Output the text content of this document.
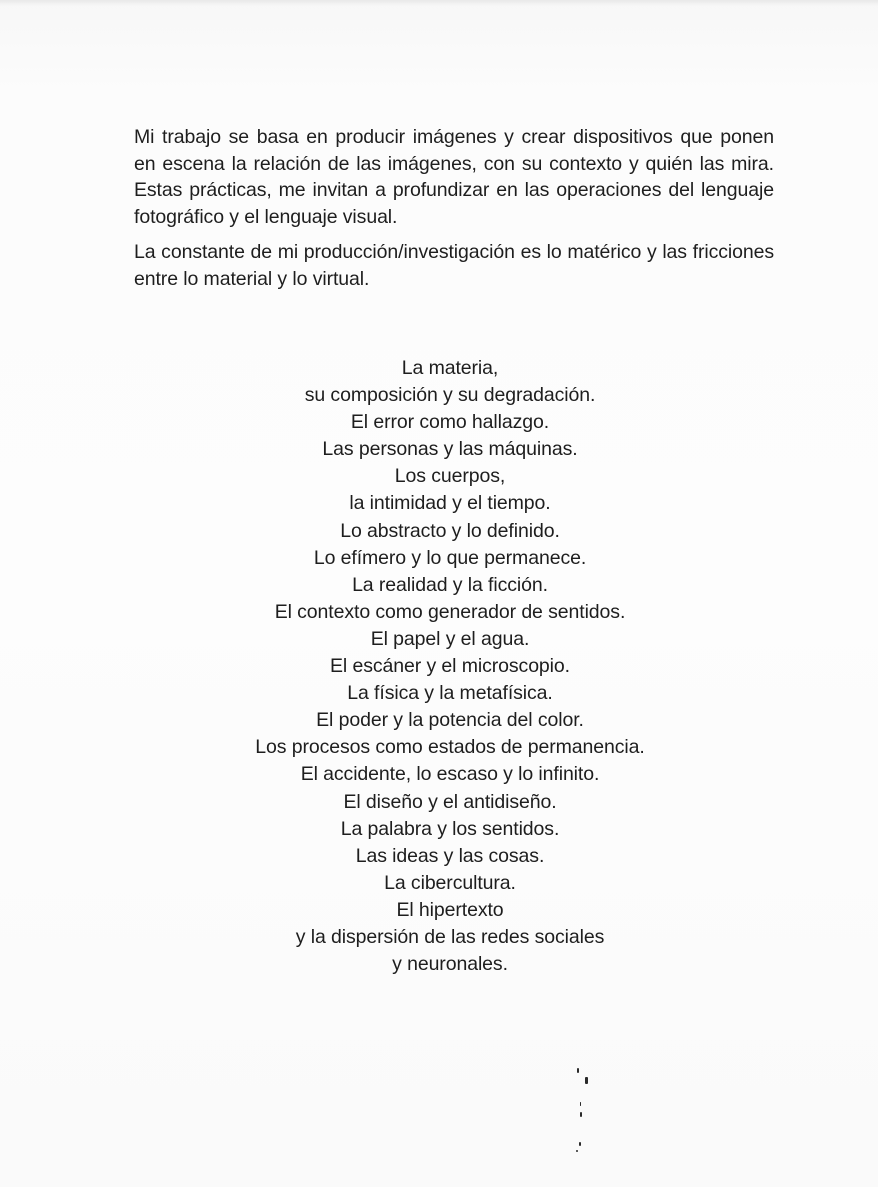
Mi trabajo se basa en producir imágenes y crear dispositivos que ponen en escena la relación de las imágenes, con su contexto y quién las mira. Estas prácticas, me invitan a profundizar en las operaciones del lenguaje fotográfico y el lenguaje visual.

La constante de mi producción/investigación es lo matérico y las fricciones entre lo material y lo virtual.

La materia,
su composición y su degradación.
El error como hallazgo.
Las personas y las máquinas.
Los cuerpos,
la intimidad y el tiempo.
Lo abstracto y lo definido.
Lo efímero y lo que permanece.
La realidad y la ficción.
El contexto como generador de sentidos.
El papel y el agua.
El escáner y el microscopio.
La física y la metafísica.
El poder y la potencia del color.
Los procesos como estados de permanencia.
El accidente, lo escaso y lo infinito.
El diseño y el antidiseño.
La palabra y los sentidos.
Las ideas y las cosas.
La cibercultura.
El hipertexto
y la dispersión de las redes sociales
y neuronales.
